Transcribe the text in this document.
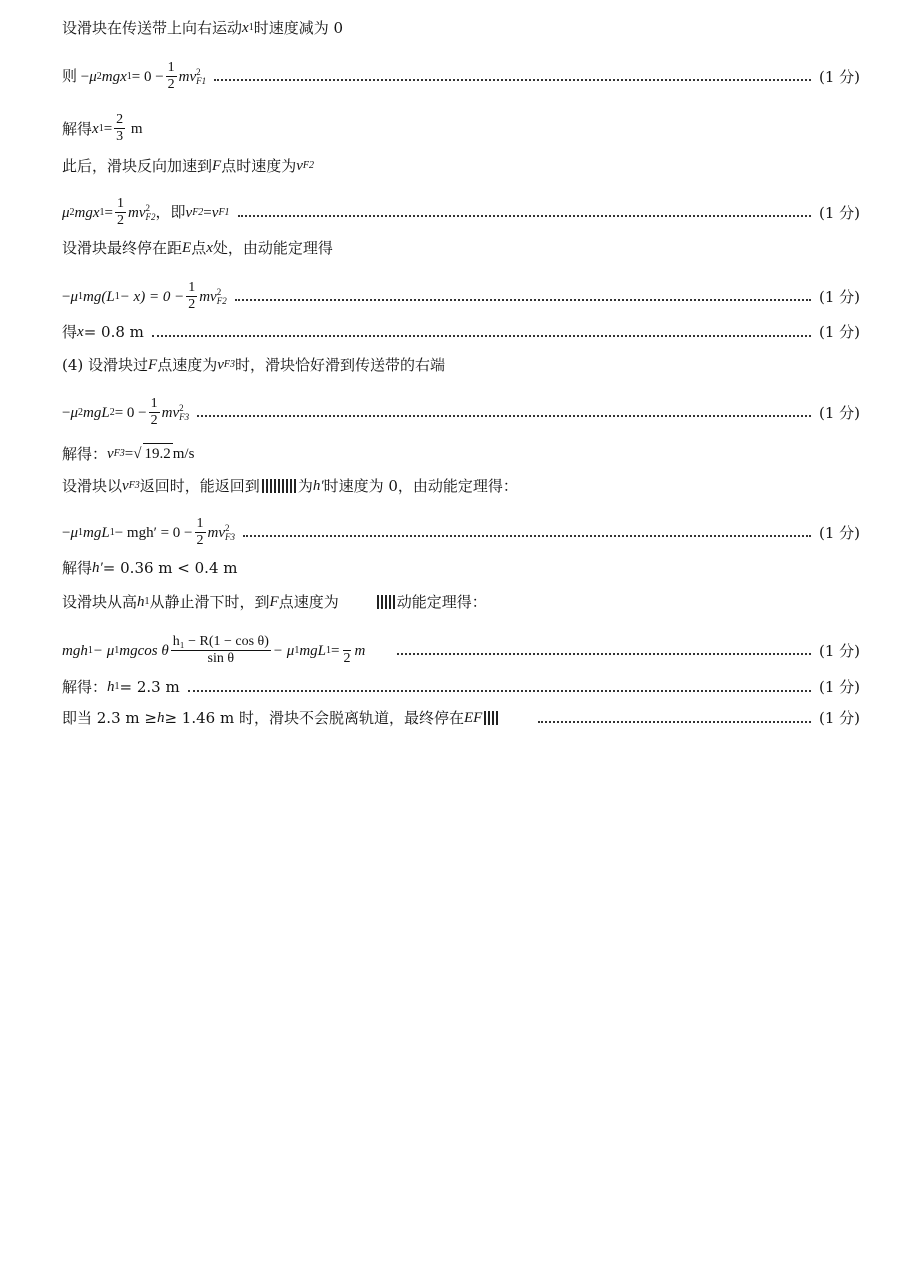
设滑块在传送带上向右运动 x 1 时速度减为 0
则 − μ 2 mgx $1 = 0 - \frac{1}{2}$ mv 2
F1	(1 分)
解得 x $1 = \frac{2}{3}$ m
此后，滑块反向加速到 F 点时速度为 v F2
μ 2 mgx $1 = \frac{1}{2}$ mv 2
F2 ，即 v F2 = v F1	(1 分)
设滑块最终停在距 E 点 x 处，由动能定理得
− μ 1 mg (L $1 - x) = 0 - \frac{1}{2}$ mv 2
F2	(1 分)
得 x = 0.8 m	(1 分)
(4) 设滑块过 F 点速度为 v F3 时，滑块恰好滑到传送带的右端
− μ 2 mgL $2 = 0 - \frac{1}{2}$ mv 2
F3	(1 分)
解得： v F3 = √ 19.2 m/s
设滑块以 v F3 返回时，能返回到	为 h′ 时速度为 0，由动能定理得：
− μ 1 mgL $1 - mgh' = 0 - \frac{1}{2}$ mv 2
F3	(1 分)
解得 h′ = 0.36 m < 0.4 m
设滑块从高 h 1 从静止滑下时，到 F 点速度为	动能定理得：
mgh 1 − μ 1 mgcos θ $\frac{\text{h₁ − R(1 − cos θ)}}{\text{sin θ}} - \mu$ 1 mgL 1 =
2 m	(1 分)
解得： h 1 = 2.3 m	(1 分)
即当 2.3 m ≥ h ≥ 1.46 m 时，滑块不会脱离轨道，最终停在 EF	(1 分)
